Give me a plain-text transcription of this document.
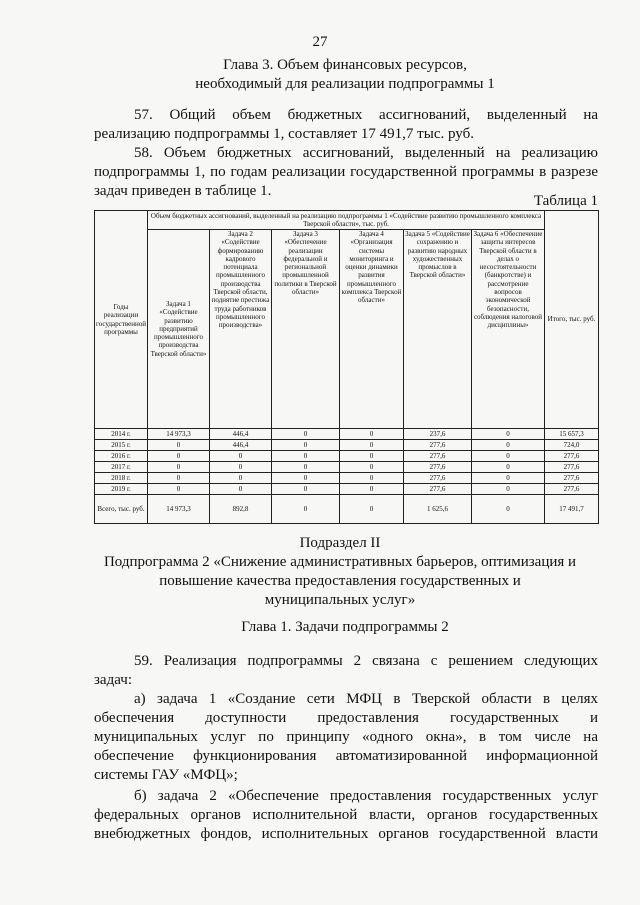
27
Глава 3. Объем финансовых ресурсов,
необходимый для реализации подпрограммы 1
57. Общий объем бюджетных ассигнований, выделенный на
реализацию подпрограммы 1, составляет 17 491,7 тыс. руб.
58. Объем бюджетных ассигнований, выделенный на реализацию
подпрограммы 1, по годам реализации государственной программы в разрезе
задач приведен в таблице 1.
Таблица 1
Годы реализации государственной программы	Объем бюджетных ассигнований, выделенный на реализацию подпрограммы 1 «Содействие развитию промышленного комплекса Тверской области», тыс. руб.						Итого, тыс. руб.
	Задача 1 «Содействие развитию предприятий промышленного производства Тверской области»	Задача 2 «Содействие формированию кадрового потенциала промышленного производства Тверской области, поднятие престижа труда работников промышленного производства»	Задача 3 «Обеспечение реализации федеральной и региональной промышленной политики в Тверской области»	Задача 4 «Организация системы мониторинга и оценки динамики развития промышленного комплекса Тверской области»	Задача 5 «Содействие сохранению и развитию народных художественных промыслов в Тверской области»	Задача 6 «Обеспечение защиты интересов Тверской области в делах о несостоятельности (банкротстве) и рассмотрение вопросов экономической безопасности, соблюдения налоговой дисциплины»	
2014 г.	14 973,3	446,4	0	0	237,6	0	15 657,3
2015 г.	0	446,4	0	0	277,6	0	724,0
2016 г.	0	0	0	0	277,6	0	277,6
2017 г.	0	0	0	0	277,6	0	277,6
2018 г.	0	0	0	0	277,6	0	277,6
2019 г.	0	0	0	0	277,6	0	277,6
Всего, тыс. руб.	14 973,3	892,8	0	0	1 625,6	0	17 491,7
Подраздел II
Подпрограмма 2 «Снижение административных барьеров, оптимизация и
повышение качества предоставления государственных и
муниципальных услуг»
Глава 1. Задачи подпрограммы 2
59. Реализация подпрограммы 2 связана с решением следующих
задач:
а) задача 1 «Создание сети МФЦ в Тверской области в целях
обеспечения доступности предоставления государственных и
муниципальных услуг по принципу «одного окна», в том числе на
обеспечение функционирования автоматизированной информационной
системы ГАУ «МФЦ»;
б) задача 2 «Обеспечение предоставления государственных услуг
федеральных органов исполнительной власти, органов государственных
внебюджетных фондов, исполнительных органов государственной власти
